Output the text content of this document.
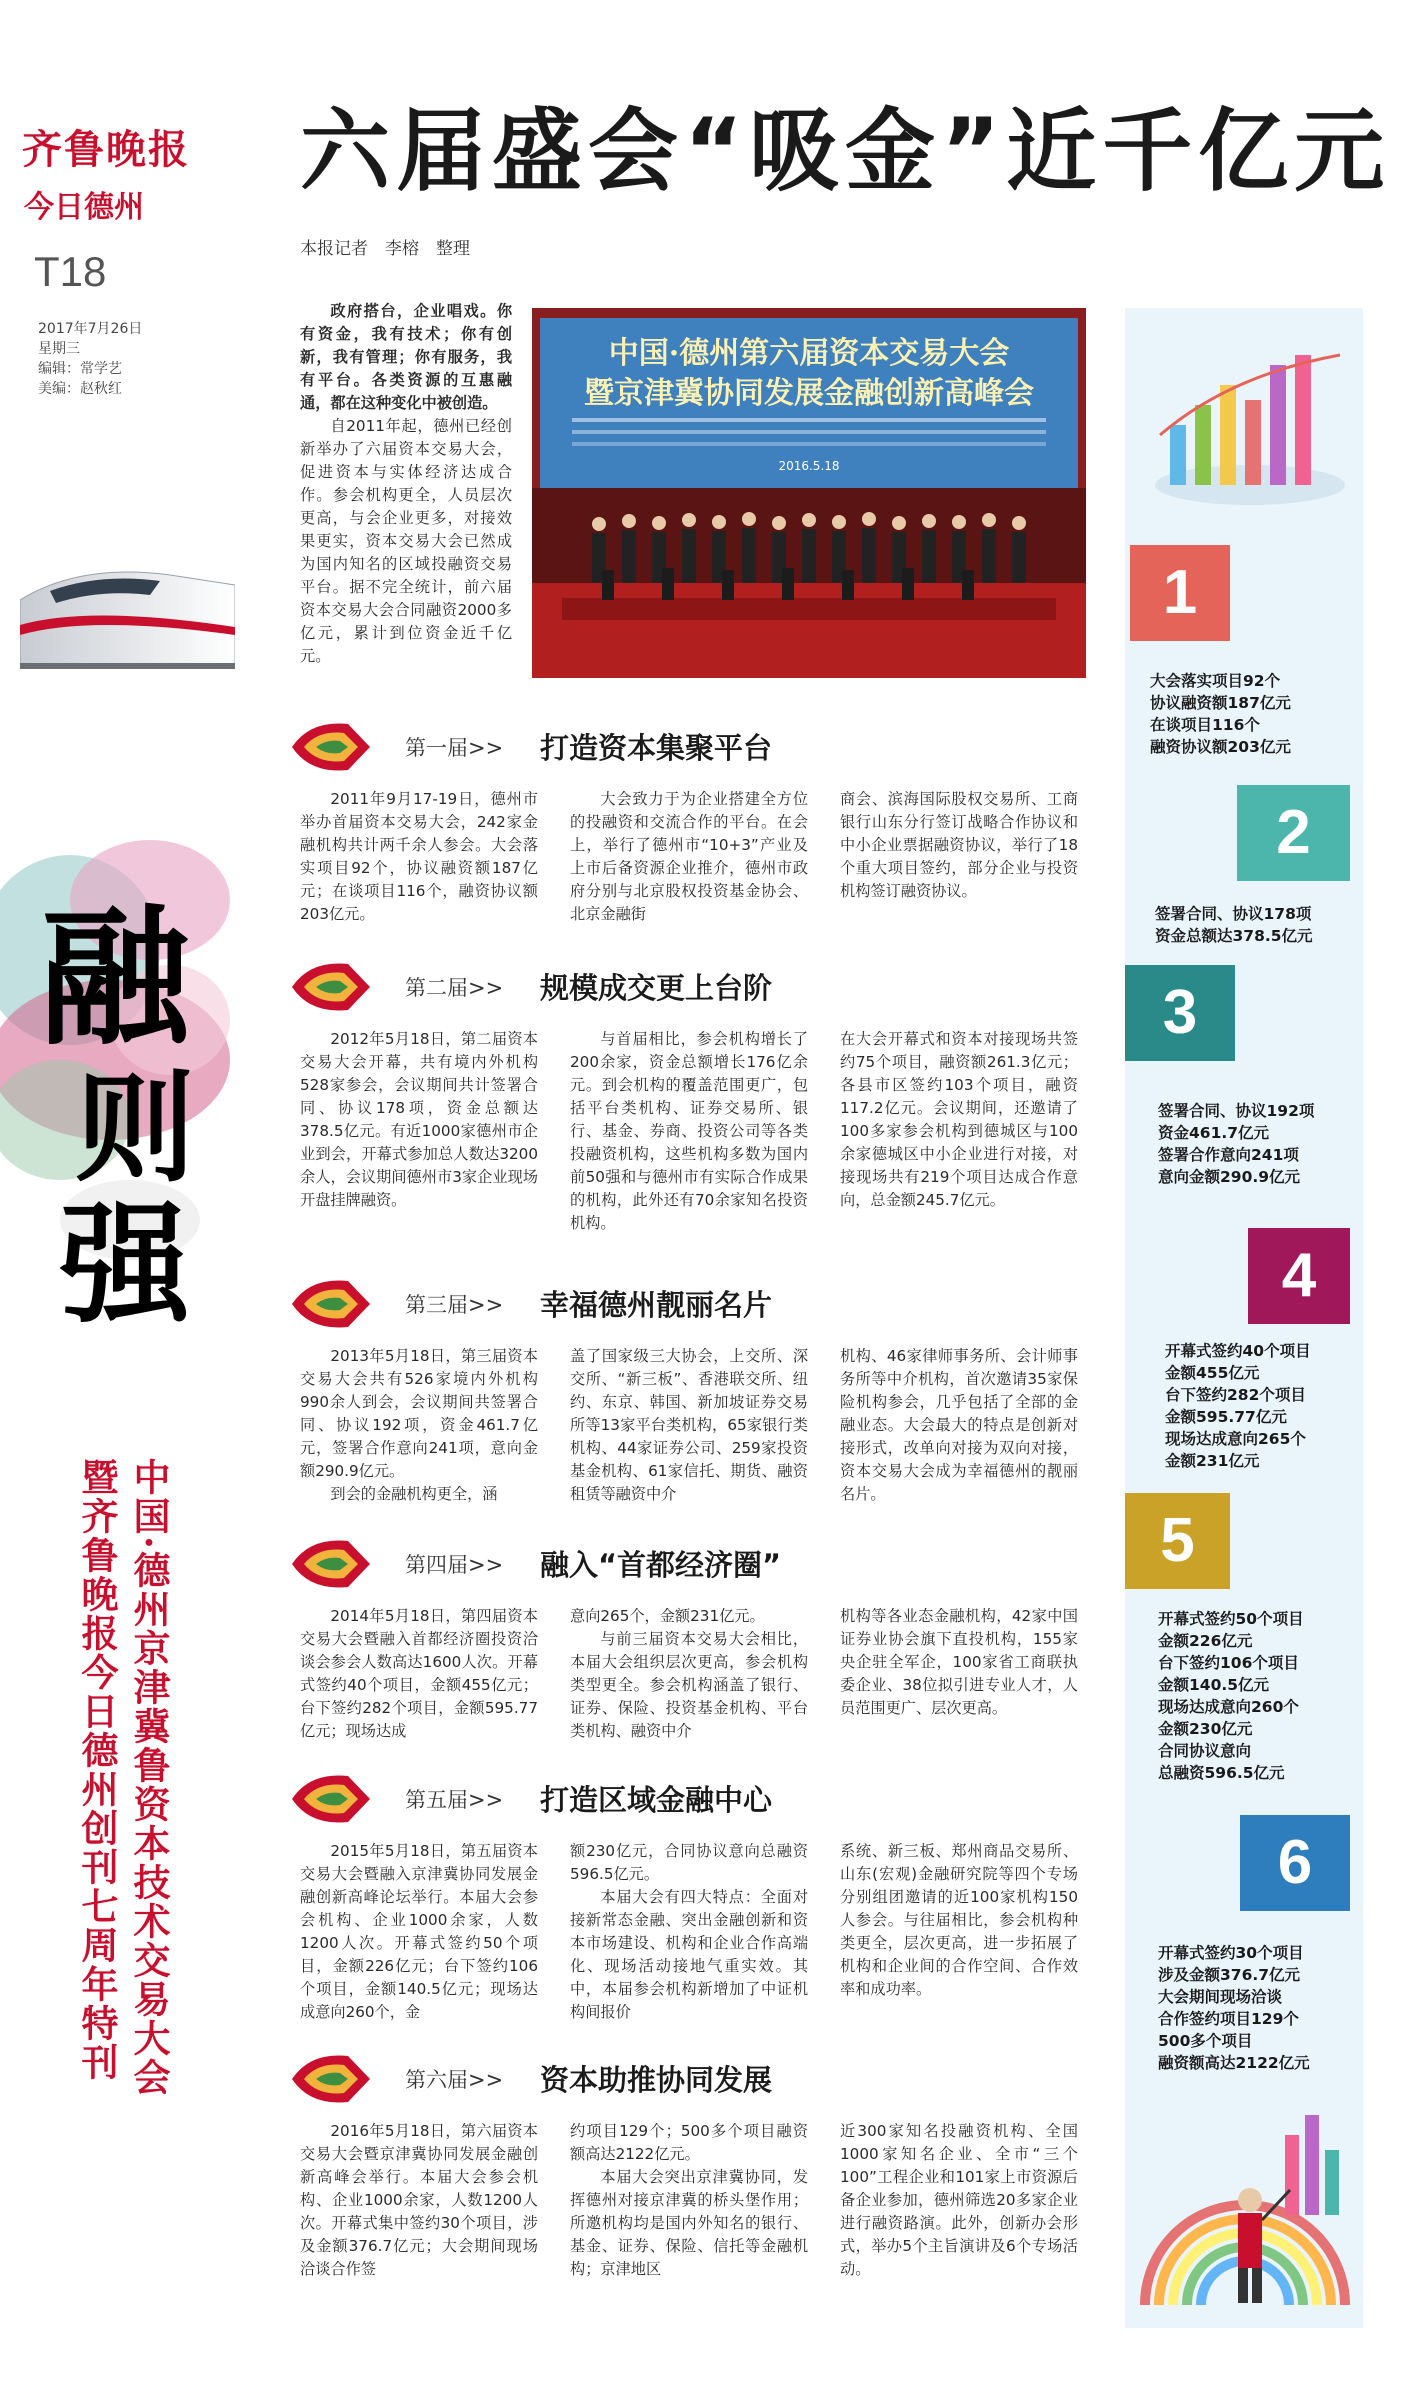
齐鲁晚报
今日德州
T18
2017年7月26日
星期三
编辑：常学艺
美编：赵秋红
六届盛会“吸金”近千亿元
本报记者　李榕　整理
融
则
强
中国·德州京津冀鲁资本技术交易大会
暨齐鲁晚报今日德州创刊七周年特刊

政府搭台，企业唱戏。你有资金，我有技术；你有创新，我有管理；你有服务，我有平台。各类资源的互惠融通，都在这种变化中被创造。

自2011年起，德州已经创新举办了六届资本交易大会，促进资本与实体经济达成合作。参会机构更全，人员层次更高，与会企业更多，对接效果更实，资本交易大会已然成为国内知名的区域投融资交易平台。据不完全统计，前六届资本交易大会合同融资2000多亿元，累计到位资金近千亿元。

中国·德州第六届资本交易大会
暨京津冀协同发展金融创新高峰会
2016.5.18
1
大会落实项目92个
协议融资额187亿元
在谈项目116个
融资协议额203亿元
2
签署合同、协议178项
资金总额达378.5亿元
3
签署合同、协议192项
资金461.7亿元
签署合作意向241项
意向金额290.9亿元
4
开幕式签约40个项目
金额455亿元
台下签约282个项目
金额595.77亿元
现场达成意向265个
金额231亿元
5
开幕式签约50个项目
金额226亿元
台下签约106个项目
金额140.5亿元
现场达成意向260个
金额230亿元
合同协议意向
总融资596.5亿元
6
开幕式签约30个项目
涉及金额376.7亿元
大会期间现场洽谈
合作签约项目129个
500多个项目
融资额高达2122亿元
第一届>> 打造资本集聚平台

2011年9月17-19日，德州市举办首届资本交易大会，242家金融机构共计两千余人参会。大会落实项目92个，协议融资额187亿元；在谈项目116个，融资协议额203亿元。

大会致力于为企业搭建全方位的投融资和交流合作的平台。在会上，举行了德州市“10+3”产业及上市后备资源企业推介，德州市政府分别与北京股权投资基金协会、北京金融街

商会、滨海国际股权交易所、工商银行山东分行签订战略合作协议和中小企业票据融资协议，举行了18个重大项目签约，部分企业与投资机构签订融资协议。

第二届>> 规模成交更上台阶

2012年5月18日，第二届资本交易大会开幕，共有境内外机构528家参会，会议期间共计签署合同、协议178项，资金总额达378.5亿元。有近1000家德州市企业到会，开幕式参加总人数达3200余人，会议期间德州市3家企业现场开盘挂牌融资。

与首届相比，参会机构增长了200余家，资金总额增长176亿余元。到会机构的覆盖范围更广，包括平台类机构、证券交易所、银行、基金、券商、投资公司等各类投融资机构，这些机构多数为国内前50强和与德州市有实际合作成果的机构，此外还有70余家知名投资机构。

在大会开幕式和资本对接现场共签约75个项目，融资额261.3亿元；各县市区签约103个项目，融资117.2亿元。会议期间，还邀请了100多家参会机构到德城区与100余家德城区中小企业进行对接，对接现场共有219个项目达成合作意向，总金额245.7亿元。

第三届>> 幸福德州靓丽名片

2013年5月18日，第三届资本交易大会共有526家境内外机构990余人到会，会议期间共签署合同、协议192项，资金461.7亿元，签署合作意向241项，意向金额290.9亿元。

到会的金融机构更全，涵

盖了国家级三大协会，上交所、深交所、“新三板”、香港联交所、纽约、东京、韩国、新加坡证券交易所等13家平台类机构，65家银行类机构、44家证券公司、259家投资基金机构、61家信托、期货、融资租赁等融资中介

机构、46家律师事务所、会计师事务所等中介机构，首次邀请35家保险机构参会，几乎包括了全部的金融业态。大会最大的特点是创新对接形式，改单向对接为双向对接，资本交易大会成为幸福德州的靓丽名片。

第四届>> 融入“首都经济圈”

2014年5月18日，第四届资本交易大会暨融入首都经济圈投资洽谈会参会人数高达1600人次。开幕式签约40个项目，金额455亿元；台下签约282个项目，金额595.77亿元；现场达成

意向265个，金额231亿元。

与前三届资本交易大会相比，本届大会组织层次更高，参会机构类型更全。参会机构涵盖了银行、证券、保险、投资基金机构、平台类机构、融资中介

机构等各业态金融机构，42家中国证券业协会旗下直投机构，155家央企驻全军企，100家省工商联执委企业、38位拟引进专业人才，人员范围更广、层次更高。

第五届>> 打造区域金融中心

2015年5月18日，第五届资本交易大会暨融入京津冀协同发展金融创新高峰论坛举行。本届大会参会机构、企业1000余家，人数1200人次。开幕式签约50个项目，金额226亿元；台下签约106个项目，金额140.5亿元；现场达成意向260个，金

额230亿元，合同协议意向总融资596.5亿元。

本届大会有四大特点：全面对接新常态金融、突出金融创新和资本市场建设、机构和企业合作高端化、现场活动接地气重实效。其中，本届参会机构新增加了中证机构间报价

系统、新三板、郑州商品交易所、山东(宏观)金融研究院等四个专场分别组团邀请的近100家机构150人参会。与往届相比，参会机构种类更全，层次更高，进一步拓展了机构和企业间的合作空间、合作效率和成功率。

第六届>> 资本助推协同发展

2016年5月18日，第六届资本交易大会暨京津冀协同发展金融创新高峰会举行。本届大会参会机构、企业1000余家，人数1200人次。开幕式集中签约30个项目，涉及金额376.7亿元；大会期间现场洽谈合作签

约项目129个；500多个项目融资额高达2122亿元。

本届大会突出京津冀协同，发挥德州对接京津冀的桥头堡作用；所邀机构均是国内外知名的银行、基金、证券、保险、信托等金融机构；京津地区

近300家知名投融资机构、全国1000家知名企业、全市“三个100”工程企业和101家上市资源后备企业参加，德州筛选20多家企业进行融资路演。此外，创新办会形式，举办5个主旨演讲及6个专场活动。
